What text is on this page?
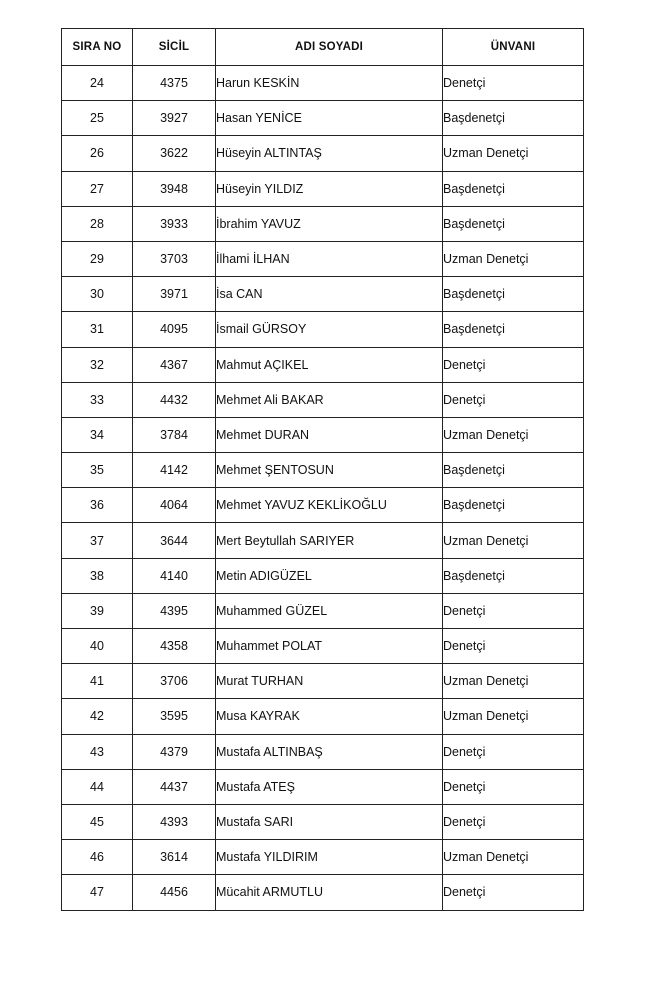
SIRA NO	SİCİL	ADI SOYADI	ÜNVANI
24	4375	Harun KESKİN	Denetçi
25	3927	Hasan YENİCE	Başdenetçi
26	3622	Hüseyin ALTINTAŞ	Uzman Denetçi
27	3948	Hüseyin YILDIZ	Başdenetçi
28	3933	İbrahim YAVUZ	Başdenetçi
29	3703	İlhami İLHAN	Uzman Denetçi
30	3971	İsa CAN	Başdenetçi
31	4095	İsmail GÜRSOY	Başdenetçi
32	4367	Mahmut AÇIKEL	Denetçi
33	4432	Mehmet Ali BAKAR	Denetçi
34	3784	Mehmet DURAN	Uzman Denetçi
35	4142	Mehmet ŞENTOSUN	Başdenetçi
36	4064	Mehmet YAVUZ KEKLİKOĞLU	Başdenetçi
37	3644	Mert Beytullah SARIYER	Uzman Denetçi
38	4140	Metin ADIGÜZEL	Başdenetçi
39	4395	Muhammed GÜZEL	Denetçi
40	4358	Muhammet POLAT	Denetçi
41	3706	Murat TURHAN	Uzman Denetçi
42	3595	Musa KAYRAK	Uzman Denetçi
43	4379	Mustafa ALTINBAŞ	Denetçi
44	4437	Mustafa ATEŞ	Denetçi
45	4393	Mustafa SARI	Denetçi
46	3614	Mustafa YILDIRIM	Uzman Denetçi
47	4456	Mücahit ARMUTLU	Denetçi
